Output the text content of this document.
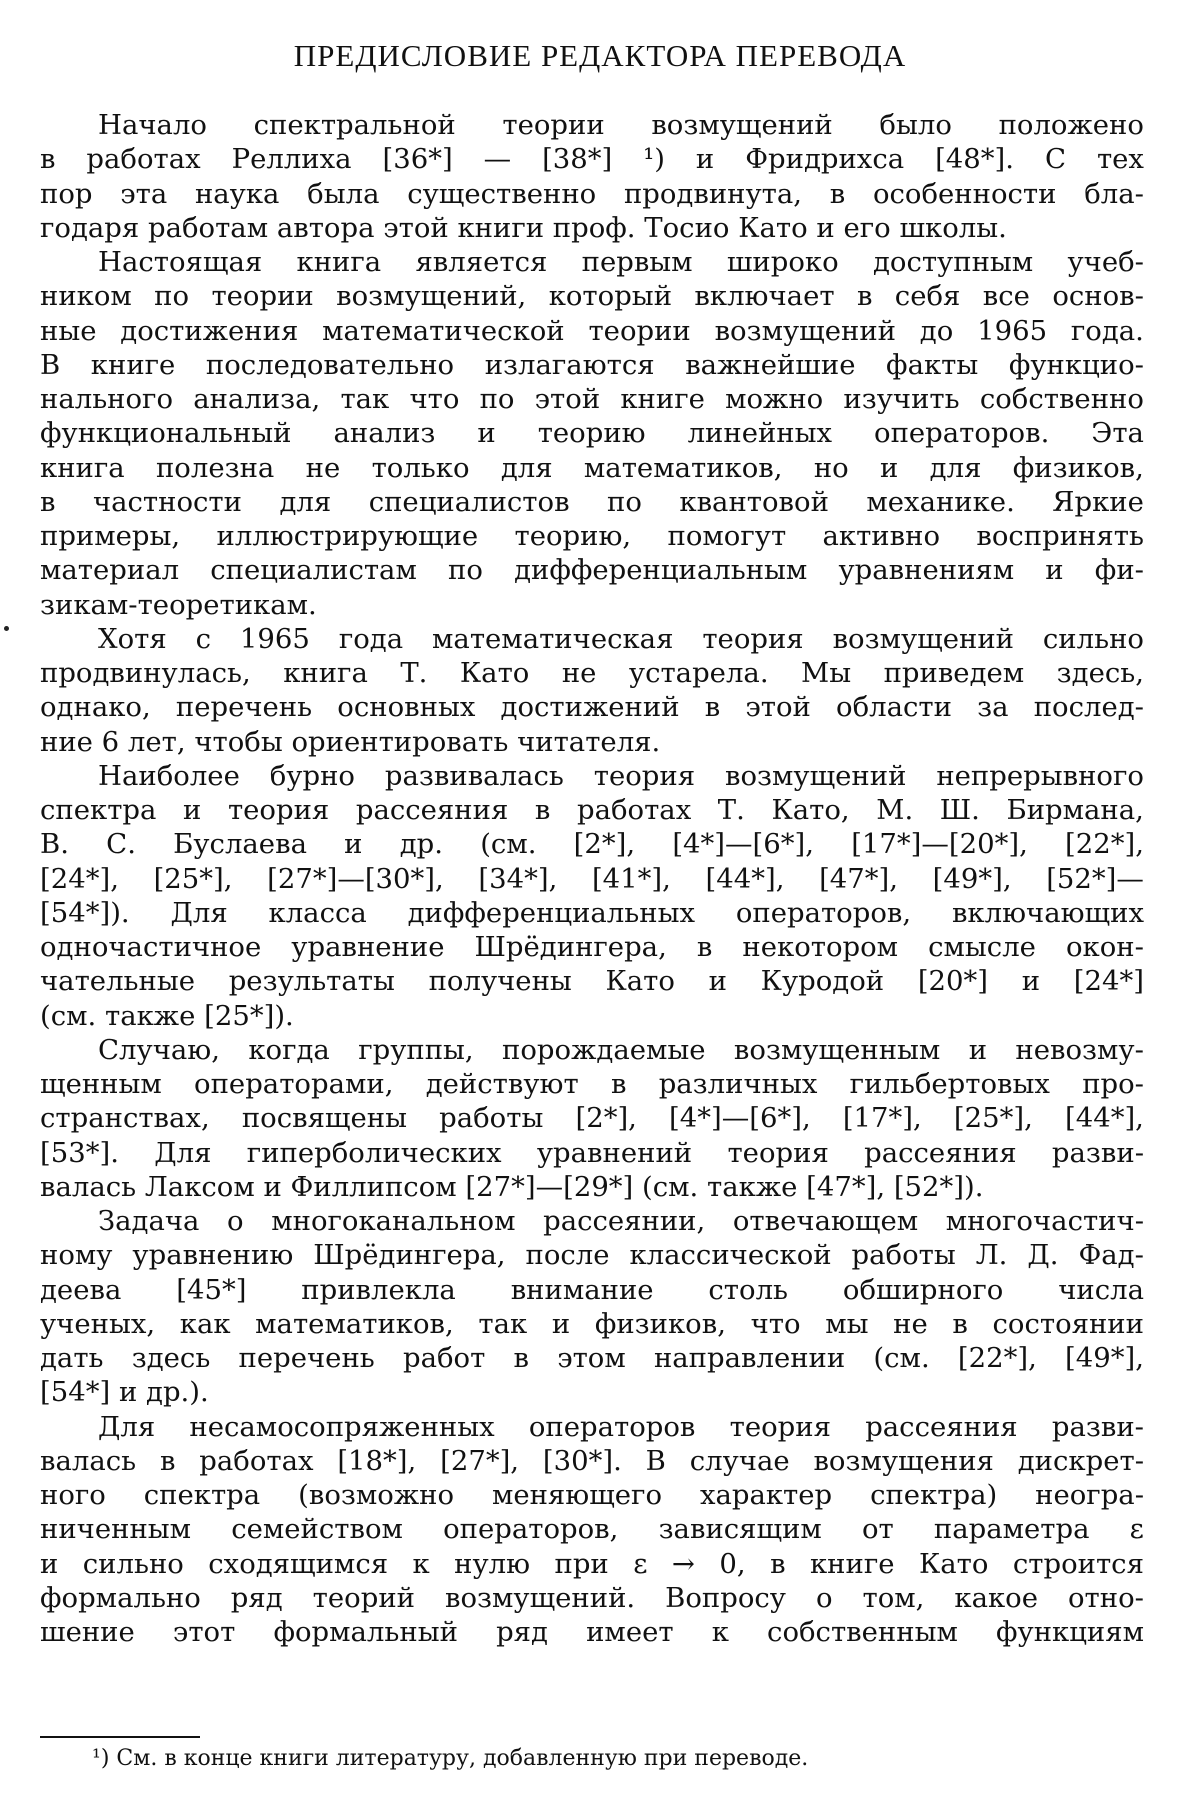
ПРЕДИСЛОВИЕ РЕДАКТОРА ПЕРЕВОДА
Начало спектральной теории возмущений было положено
в работах Реллиха [36*] — [38*] ¹) и Фридрихса [48*]. С тех
пор эта наука была существенно продвинута, в особенности бла-
годаря работам автора этой книги проф. Тосио Като и его школы.
Настоящая книга является первым широко доступным учеб-
ником по теории возмущений, который включает в себя все основ-
ные достижения математической теории возмущений до 1965 года.
В книге последовательно излагаются важнейшие факты функцио-
нального анализа, так что по этой книге можно изучить собственно
функциональный анализ и теорию линейных операторов. Эта
книга полезна не только для математиков, но и для физиков,
в частности для специалистов по квантовой механике. Яркие
примеры, иллюстрирующие теорию, помогут активно воспринять
материал специалистам по дифференциальным уравнениям и фи-
зикам-теоретикам.
Хотя с 1965 года математическая теория возмущений сильно
продвинулась, книга Т. Като не устарела. Мы приведем здесь,
однако, перечень основных достижений в этой области за послед-
ние 6 лет, чтобы ориентировать читателя.
Наиболее бурно развивалась теория возмущений непрерывного
спектра и теория рассеяния в работах Т. Като, М. Ш. Бирмана,
В. С. Буслаева и др. (см. [2*], [4*]—[6*], [17*]—[20*], [22*],
[24*], [25*], [27*]—[30*], [34*], [41*], [44*], [47*], [49*], [52*]—
[54*]). Для класса дифференциальных операторов, включающих
одночастичное уравнение Шрёдингера, в некотором смысле окон-
чательные результаты получены Като и Куродой [20*] и [24*]
(см. также [25*]).
Случаю, когда группы, порождаемые возмущенным и невозму-
щенным операторами, действуют в различных гильбертовых про-
странствах, посвящены работы [2*], [4*]—[6*], [17*], [25*], [44*],
[53*]. Для гиперболических уравнений теория рассеяния разви-
валась Лаксом и Филлипсом [27*]—[29*] (см. также [47*], [52*]).
Задача о многоканальном рассеянии, отвечающем многочастич-
ному уравнению Шрёдингера, после классической работы Л. Д. Фад-
деева [45*] привлекла внимание столь обширного числа
ученых, как математиков, так и физиков, что мы не в состоянии
дать здесь перечень работ в этом направлении (см. [22*], [49*],
[54*] и др.).
Для несамосопряженных операторов теория рассеяния разви-
валась в работах [18*], [27*], [30*]. В случае возмущения дискрет-
ного спектра (возможно меняющего характер спектра) неогра-
ниченным семейством операторов, зависящим от параметра ε
и сильно сходящимся к нулю при ε → 0, в книге Като строится
формально ряд теорий возмущений. Вопросу о том, какое отно-
шение этот формальный ряд имеет к собственным функциям
¹) См. в конце книги литературу, добавленную при переводе.
